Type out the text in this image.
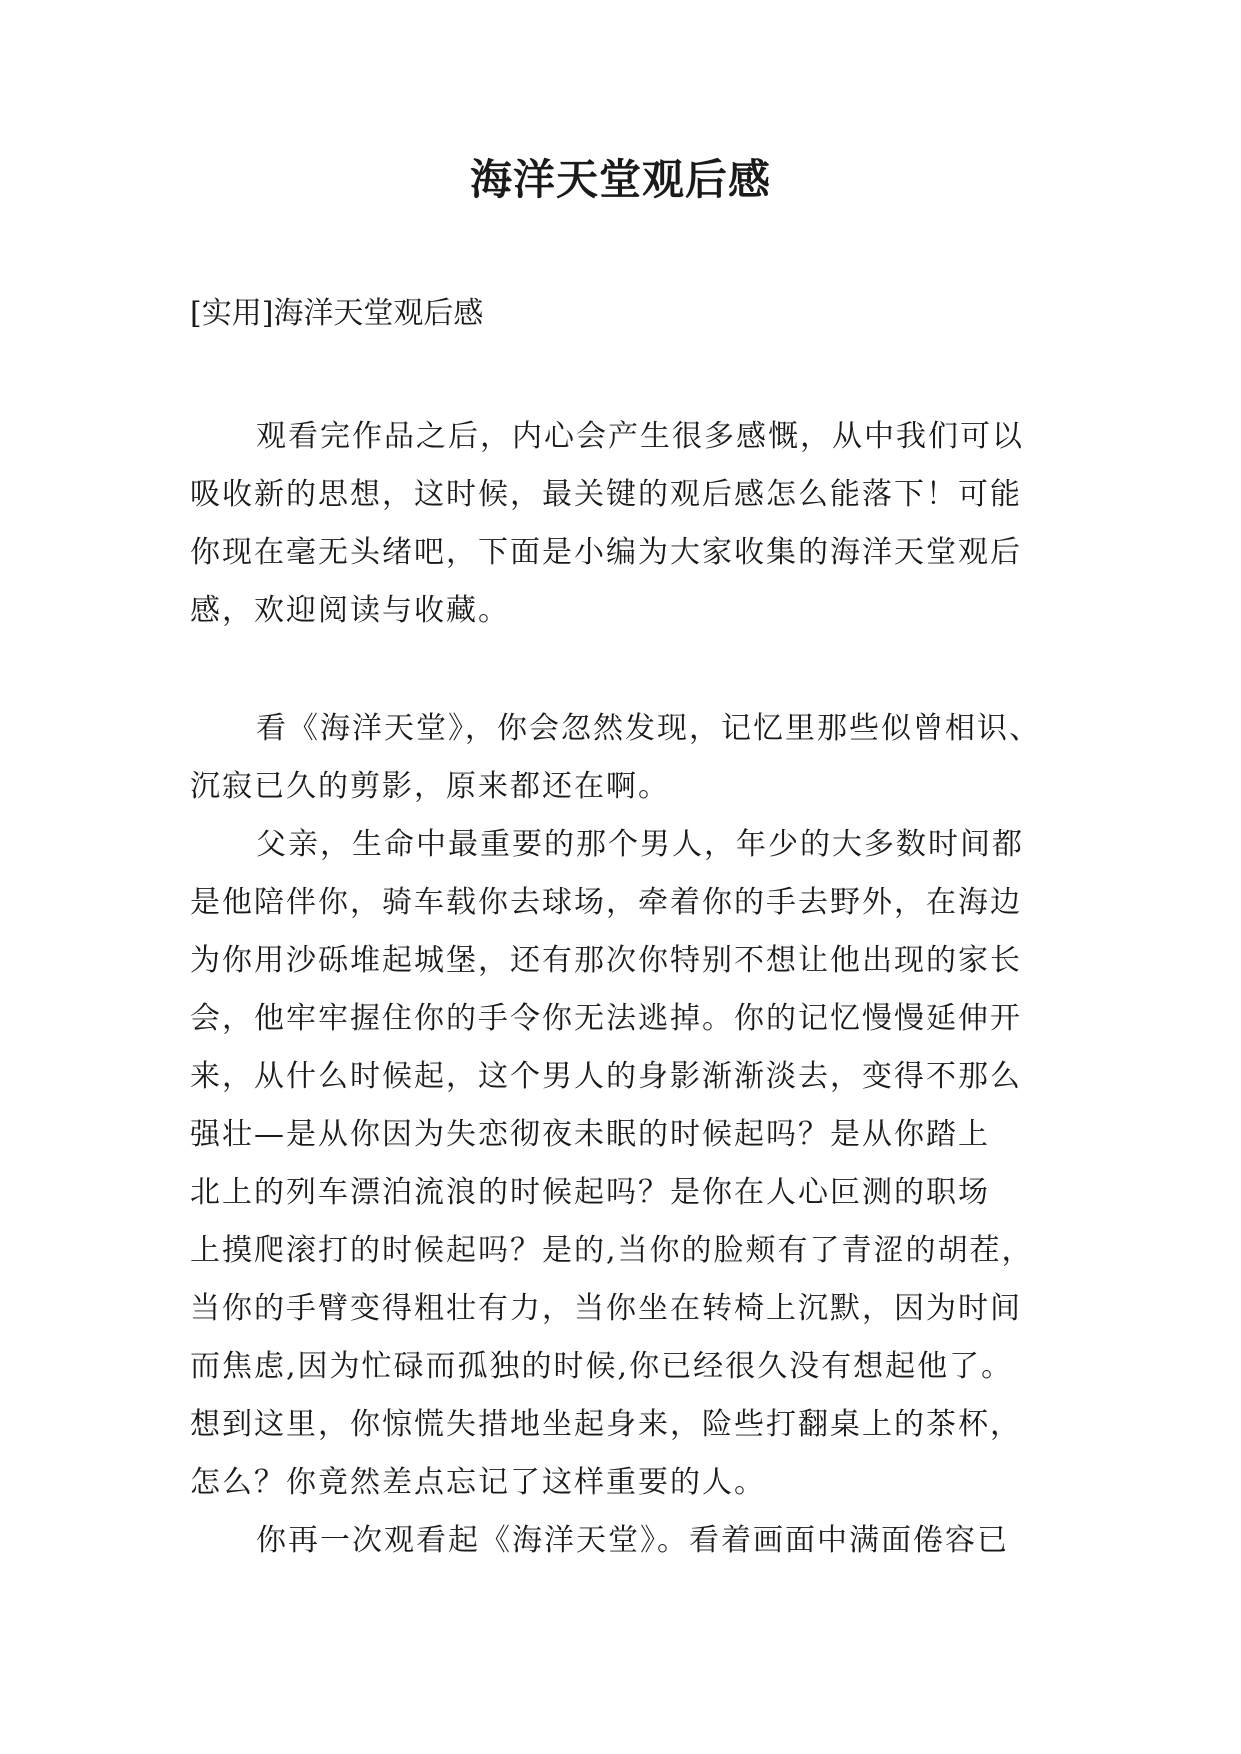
海洋天堂观后感

[实用]海洋天堂观后感

观看完作品之后，内心会产生很多感慨，从中我们可以
吸收新的思想，这时候，最关键的观后感怎么能落下！可能
你现在毫无头绪吧，下面是小编为大家收集的海洋天堂观后
感，欢迎阅读与收藏。
看《海洋天堂》，你会忽然发现，记忆里那些似曾相识、
沉寂已久的剪影，原来都还在啊。
父亲，生命中最重要的那个男人，年少的大多数时间都
是他陪伴你，骑车载你去球场，牵着你的手去野外，在海边
为你用沙砾堆起城堡，还有那次你特别不想让他出现的家长
会，他牢牢握住你的手令你无法逃掉。你的记忆慢慢延伸开
来，从什么时候起，这个男人的身影渐渐淡去，变得不那么
强壮—是从你因为失恋彻夜未眠的时候起吗？是从你踏上
北上的列车漂泊流浪的时候起吗？是你在人心叵测的职场
上摸爬滚打的时候起吗？是的,当你的脸颊有了青涩的胡茬，
当你的手臂变得粗壮有力，当你坐在转椅上沉默，因为时间
而焦虑,因为忙碌而孤独的时候,你已经很久没有想起他了。
想到这里，你惊慌失措地坐起身来，险些打翻桌上的茶杯，
怎么？你竟然差点忘记了这样重要的人。
你再一次观看起《海洋天堂》。看着画面中满面倦容已
